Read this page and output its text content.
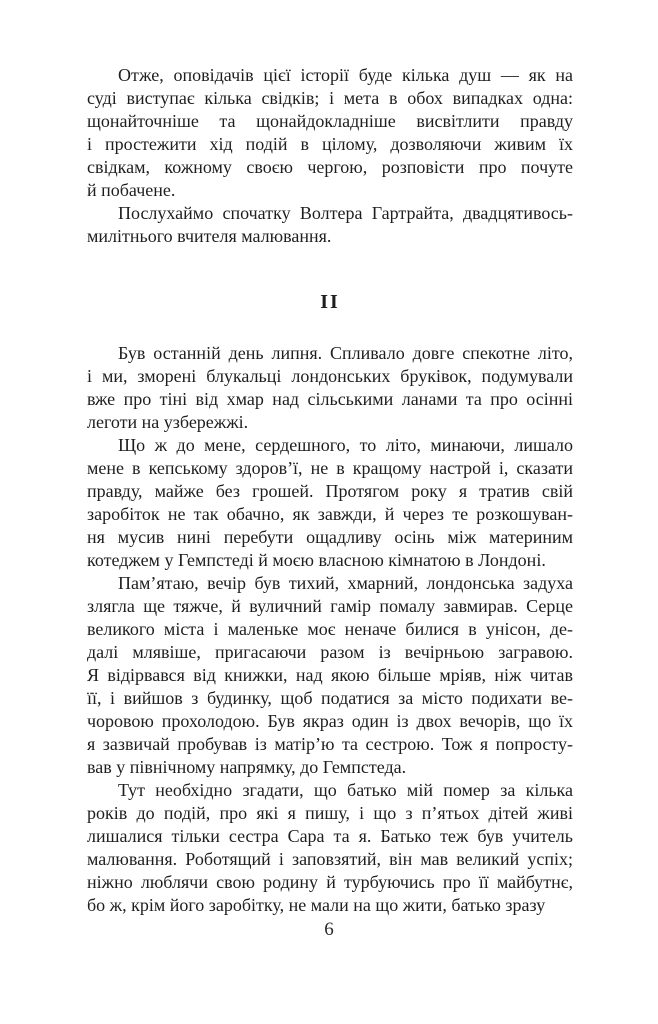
Отже, оповідачів цієї історії буде кілька душ — як на
суді виступає кілька свідків; і мета в обох випадках одна:
щонайточніше та щонайдокладніше висвітлити правду
і простежити хід подій в цілому, дозволяючи живим їх
свідкам, кожному своєю чергою, розповісти про почуте
й побачене.
Послухаймо спочатку Волтера Гартрайта, двадцятивось-
милітнього вчителя малювання.
II
Був останній день липня. Спливало довге спекотне літо,
і ми, зморені блукальці лондонських бруківок, подумували
вже про тіні від хмар над сільськими ланами та про осінні
леготи на узбережжі.
Що ж до мене, сердешного, то літо, минаючи, лишало
мене в кепському здоров’ї, не в кращому настрой і, сказати
правду, майже без грошей. Протягом року я тратив свій
заробіток не так обачно, як завжди, й через те розкошуван-
ня мусив нині перебути ощадливу осінь між материним
котеджем у Гемпстеді й моєю власною кімнатою в Лондоні.
Пам’ятаю, вечір був тихий, хмарний, лондонська задуха
злягла ще тяжче, й вуличний гамір помалу завмирав. Серце
великого міста і маленьке моє неначе билися в унісон, де-
далі млявіше, пригасаючи разом із вечірньою загравою.
Я відірвався від книжки, над якою більше мріяв, ніж читав
її, і вийшов з будинку, щоб податися за місто подихати ве-
чоровою прохолодою. Був якраз один із двох вечорів, що їх
я зазвичай пробував із матір’ю та сестрою. Тож я попросту-
вав у північному напрямку, до Гемпстеда.
Тут необхідно згадати, що батько мій помер за кілька
років до подій, про які я пишу, і що з п’ятьох дітей живі
лишалися тільки сестра Сара та я. Батько теж був учитель
малювання. Роботящий і заповзятий, він мав великий успіх;
ніжно люблячи свою родину й турбуючись про її майбутнє,
бо ж, крім його заробітку, не мали на що жити, батько зразу
6
